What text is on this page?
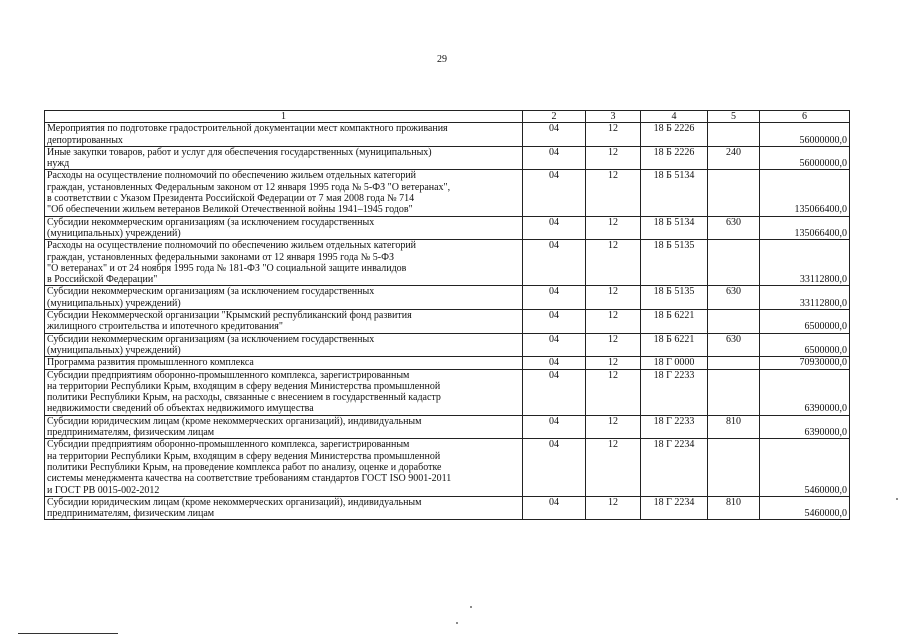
29
1	2	3	4	5	6
Мероприятия по подготовке градостроительной документации мест компактного проживания
депортированных	04	12	18 Б 2226		56000000,0
Иные закупки товаров, работ и услуг для обеспечения государственных (муниципальных)
нужд	04	12	18 Б 2226	240	56000000,0
Расходы на осуществление полномочий по обеспечению жильем отдельных категорий
граждан, установленных Федеральным законом от 12 января 1995 года № 5-ФЗ "О ветеранах",
в соответствии с Указом Президента Российской Федерации от 7 мая 2008 года № 714
"Об обеспечении жильем ветеранов Великой Отечественной войны 1941–1945 годов"	04	12	18 Б 5134		135066400,0
Субсидии некоммерческим организациям (за исключением государственных
(муниципальных) учреждений)	04	12	18 Б 5134	630	135066400,0
Расходы на осуществление полномочий по обеспечению жильем отдельных категорий
граждан, установленных федеральными законами от 12 января 1995 года № 5-ФЗ
"О ветеранах" и от 24 ноября 1995 года № 181-ФЗ "О социальной защите инвалидов
в Российской Федерации"	04	12	18 Б 5135		33112800,0
Субсидии некоммерческим организациям (за исключением государственных
(муниципальных) учреждений)	04	12	18 Б 5135	630	33112800,0
Субсидии Некоммерческой организации "Крымский республиканский фонд развития
жилищного строительства и ипотечного кредитования"	04	12	18 Б 6221		6500000,0
Субсидии некоммерческим организациям (за исключением государственных
(муниципальных) учреждений)	04	12	18 Б 6221	630	6500000,0
Программа развития промышленного комплекса	04	12	18 Г 0000		70930000,0
Субсидии предприятиям оборонно-промышленного комплекса, зарегистрированным
на территории Республики Крым, входящим в сферу ведения Министерства промышленной
политики Республики Крым, на расходы, связанные с внесением в государственный кадастр
недвижимости сведений об объектах недвижимого имущества	04	12	18 Г 2233		6390000,0
Субсидии юридическим лицам (кроме некоммерческих организаций), индивидуальным
предпринимателям, физическим лицам	04	12	18 Г 2233	810	6390000,0
Субсидии предприятиям оборонно-промышленного комплекса, зарегистрированным
на территории Республики Крым, входящим в сферу ведения Министерства промышленной
политики Республики Крым, на проведение комплекса работ по анализу, оценке и доработке
системы менеджмента качества на соответствие требованиям стандартов ГОСТ ISO 9001-2011
и ГОСТ РВ 0015-002-2012	04	12	18 Г 2234		5460000,0
Субсидии юридическим лицам (кроме некоммерческих организаций), индивидуальным
предпринимателям, физическим лицам	04	12	18 Г 2234	810	5460000,0
